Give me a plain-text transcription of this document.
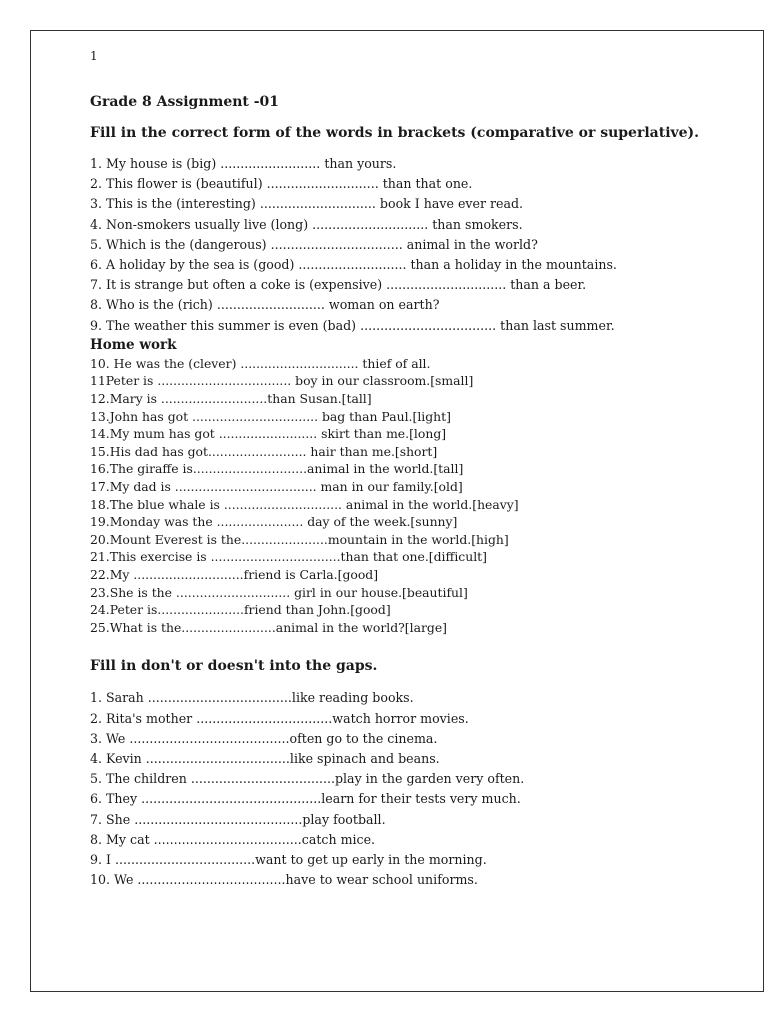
1
Grade 8 Assignment -01
Fill in the correct form of the words in brackets (comparative or superlative).
1. My house is (big) ......................... than yours.
2. This flower is (beautiful) ............................ than that one.
3. This is the (interesting) ............................. book I have ever read.
4. Non-smokers usually live (long) ............................. than smokers.
5. Which is the (dangerous) ................................. animal in the world?
6. A holiday by the sea is (good) ........................... than a holiday in the mountains.
7. It is strange but often a coke is (expensive) .............................. than a beer.
8. Who is the (rich) ........................... woman on earth?
9. The weather this summer is even (bad) .................................. than last summer.
Home work
10. He was the (clever) .............................. thief of all.
11Peter is .................................. boy in our classroom.[small]
12.Mary is ...........................than Susan.[tall]
13.John has got ................................ bag than Paul.[light]
14.My mum has got ......................... skirt than me.[long]
15.His dad has got......................... hair than me.[short]
16.The giraffe is.............................animal in the world.[tall]
17.My dad is .................................... man in our family.[old]
18.The blue whale is .............................. animal in the world.[heavy]
19.Monday was the ...................... day of the week.[sunny]
20.Mount Everest is the......................mountain in the world.[high]
21.This exercise is .................................than that one.[difficult]
22.My ............................friend is Carla.[good]
23.She is the ............................. girl in our house.[beautiful]
24.Peter is......................friend than John.[good]
25.What is the........................animal in the world?[large]
Fill in don't or doesn't into the gaps.
1. Sarah ....................................like reading books.
2. Rita's mother ..................................watch horror movies.
3. We ........................................often go to the cinema.
4. Kevin ....................................like spinach and beans.
5. The children ....................................play in the garden very often.
6. They .............................................learn for their tests very much.
7. She ..........................................play football.
8. My cat .....................................catch mice.
9. I ...................................want to get up early in the morning.
10. We .....................................have to wear school uniforms.
